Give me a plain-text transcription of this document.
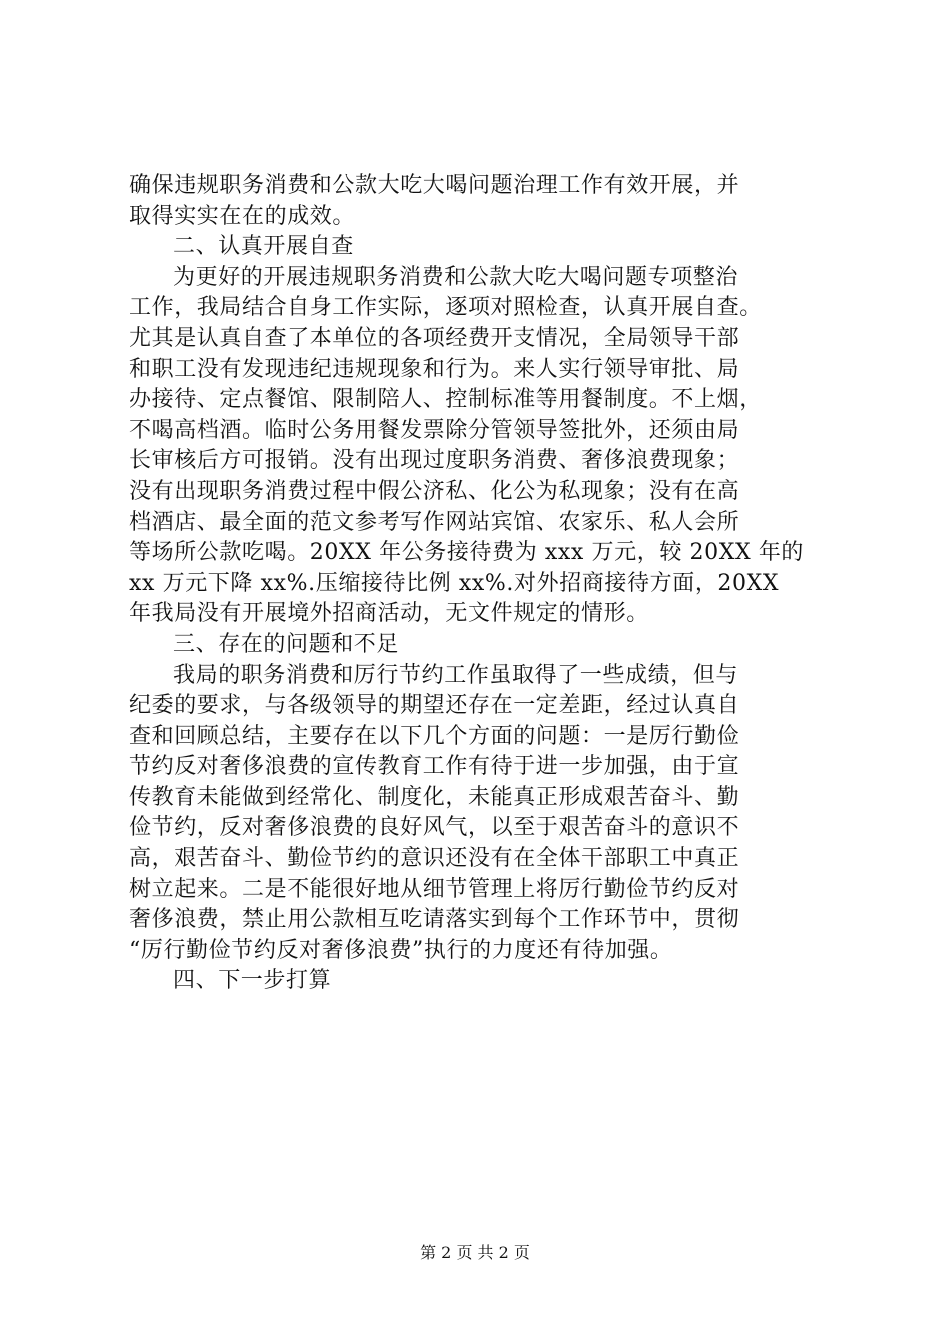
确保违规职务消费和公款大吃大喝问题治理工作有效开展，并
取得实实在在的成效。
二、认真开展自查
为更好的开展违规职务消费和公款大吃大喝问题专项整治
工作，我局结合自身工作实际，逐项对照检查，认真开展自查。
尤其是认真自查了本单位的各项经费开支情况，全局领导干部
和职工没有发现违纪违规现象和行为。来人实行领导审批、局
办接待、定点餐馆、限制陪人、控制标准等用餐制度。不上烟，
不喝高档酒。临时公务用餐发票除分管领导签批外，还须由局
长审核后方可报销。没有出现过度职务消费、奢侈浪费现象；
没有出现职务消费过程中假公济私、化公为私现象；没有在高
档酒店、最全面的范文参考写作网站宾馆、农家乐、私人会所
等场所公款吃喝。20XX 年公务接待费为 xxx 万元，较 20XX 年的
xx 万元下降 xx%.压缩接待比例 xx%.对外招商接待方面，20XX
年我局没有开展境外招商活动，无文件规定的情形。
三、存在的问题和不足
我局的职务消费和厉行节约工作虽取得了一些成绩，但与
纪委的要求，与各级领导的期望还存在一定差距，经过认真自
查和回顾总结，主要存在以下几个方面的问题：一是厉行勤俭
节约反对奢侈浪费的宣传教育工作有待于进一步加强，由于宣
传教育未能做到经常化、制度化，未能真正形成艰苦奋斗、勤
俭节约，反对奢侈浪费的良好风气，以至于艰苦奋斗的意识不
高，艰苦奋斗、勤俭节约的意识还没有在全体干部职工中真正
树立起来。二是不能很好地从细节管理上将厉行勤俭节约反对
奢侈浪费，禁止用公款相互吃请落实到每个工作环节中，贯彻
“厉行勤俭节约反对奢侈浪费”执行的力度还有待加强。
四、下一步打算
第 2 页 共 2 页
